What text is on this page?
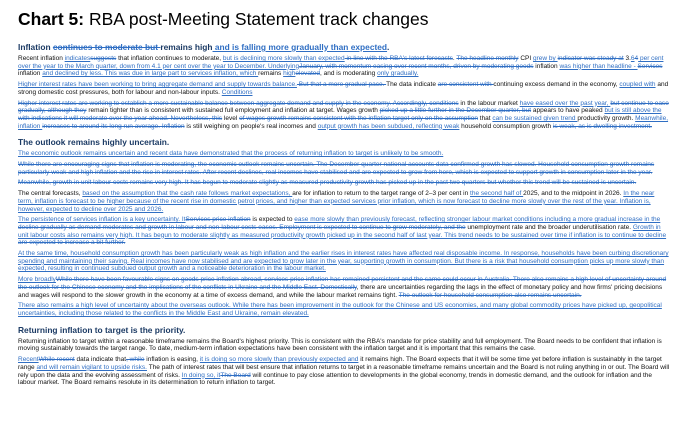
Chart 5: RBA post-Meeting Statement track changes
Inflation continues to moderate but remains high and is falling more gradually than expected.

Recent inflation indicatessuggests that inflation continues to moderate, but is declining more slowly than expected in line with the RBA's latest forecasts. The headline monthly CPI grew by indicator was steady at 3.64 per cent over the year to the March quarter, down from 4.1 per cent over the year to December. UnderlyingJanuary, with momentum easing over recent months, driven by moderating goods inflation was higher than headline - Services inflation and declined by less. This was due in large part to services inflation, which remains highelevated, and is moderating only gradually.

Higher interest rates have been working to bring aggregate demand and supply towards balance. But that a more gradual pace. The data indicate are consistent with continuing excess demand in the economy, coupled with and strong domestic cost pressures, both for labour and non-labour inputs. Conditions

Higher interest rates are working to establish a more sustainable balance between aggregate demand and supply in the economy. Accordingly, conditions in the labour market have eased over the past year, but continue to ease gradually, although they remain tighter than is consistent with sustained full employment and inflation at target. Wages growth picked up a little further in the December quarter, but appears to have peaked but is still above the with indications it will moderate over the year ahead. Nevertheless, this level of wages growth remains consistent with the inflation target only on the assumption that can be sustained given trend productivity growth. Meanwhile, inflation increases to around its long run average. Inflation is still weighing on people's real incomes and output growth has been subdued, reflecting weak household consumption growth is weak, as is dwelling investment.

The outlook remains highly uncertain.

The economic outlook remains uncertain and recent data have demonstrated that the process of returning inflation to target is unlikely to be smooth.

While there are encouraging signs that inflation is moderating, the economic outlook remains uncertain. The December quarter national accounts data confirmed growth has slowed. Household consumption growth remains particularly weak and high inflation and the rise in interest rates. After recent declines, real incomes have stabilised and are expected to grow from here, which is expected to support growth in consumption later in the year.

Meanwhile, growth in unit labour costs remains very high. It has begun to moderate slightly as measured productivity growth has picked up in the past two quarters but whether this trend will be sustained is uncertain.

The central forecasts, based on the assumption that the cash rate follows market expectations, are for inflation to return to the target range of 2–3 per cent in the second half of 2025, and to the midpoint in 2026. In the near term, inflation is forecast to be higher because of the recent rise in domestic petrol prices, and higher than expected services prior inflation, which is now forecast to decline more slowly over the rest of the year. Inflation is, however, expected to decline over 2025 and 2026.

The persistence of services inflation is a key uncertainty. ItServices price inflation is expected to ease more slowly than previously forecast, reflecting stronger labour market conditions including a more gradual increase in the decline gradually as demand moderates and growth in labour and non-labour costs eases. Employment is expected to continue to grow moderately, and the unemployment rate and the broader underutilisation rate. Growth in unit labour costs also remains very high. It has begun to moderate slightly as measured productivity growth picked up in the second half of last year. This trend needs to be sustained over time if inflation is to continue to decline are expected to increase a bit further.

At the same time, household consumption growth has been particularly weak as high inflation and the earlier rises in interest rates have affected real disposable income. In response, households have been curbing discretionary spending and maintaining their saving. Real incomes have now stabilised and are expected to grow later in the year, supporting growth in consumption. But there is a risk that household consumption picks up more slowly than expected, resulting in continued subdued output growth and a noticeable deterioration in the labour market.

More broadlyWhile there have been favourable signs on goods price inflation abroad, services price inflation has remained persistent and the same could occur in Australia. There also remains a high level of uncertainty around the outlook for the Chinese economy and the implications of the conflicts in Ukraine and the Middle East. Domestically, there are uncertainties regarding the lags in the effect of monetary policy and how firms' pricing decisions and wages will respond to the slower growth in the economy at a time of excess demand, and while the labour market remains tight. The outlook for household consumption also remains uncertain.

There also remains a high level of uncertainty about the overseas outlook. While there has been improvement in the outlook for the Chinese and US economies, and many global commodity prices have picked up, geopolitical uncertainties, including those related to the conflicts in the Middle East and Ukraine, remain elevated.

Returning inflation to target is the priority.

Returning inflation to target within a reasonable timeframe remains the Board's highest priority. This is consistent with the RBA's mandate for price stability and full employment. The Board needs to be confident that inflation is moving sustainably towards the target range. To date, medium-term inflation expectations have been consistent with the inflation target and it is important that this remains the case.

RecentWhile recent data indicate that, while inflation is easing, it is doing so more slowly than previously expected and it remains high. The Board expects that it will be some time yet before inflation is sustainably in the target range and will remain vigilant to upside risks. The path of interest rates that will best ensure that inflation returns to target in a reasonable timeframe remains uncertain and the Board is not ruling anything in or out. The Board will rely upon the data and the evolving assessment of risks. In doing so, itThe Board will continue to pay close attention to developments in the global economy, trends in domestic demand, and the outlook for inflation and the labour market. The Board remains resolute in its determination to return inflation to target.
